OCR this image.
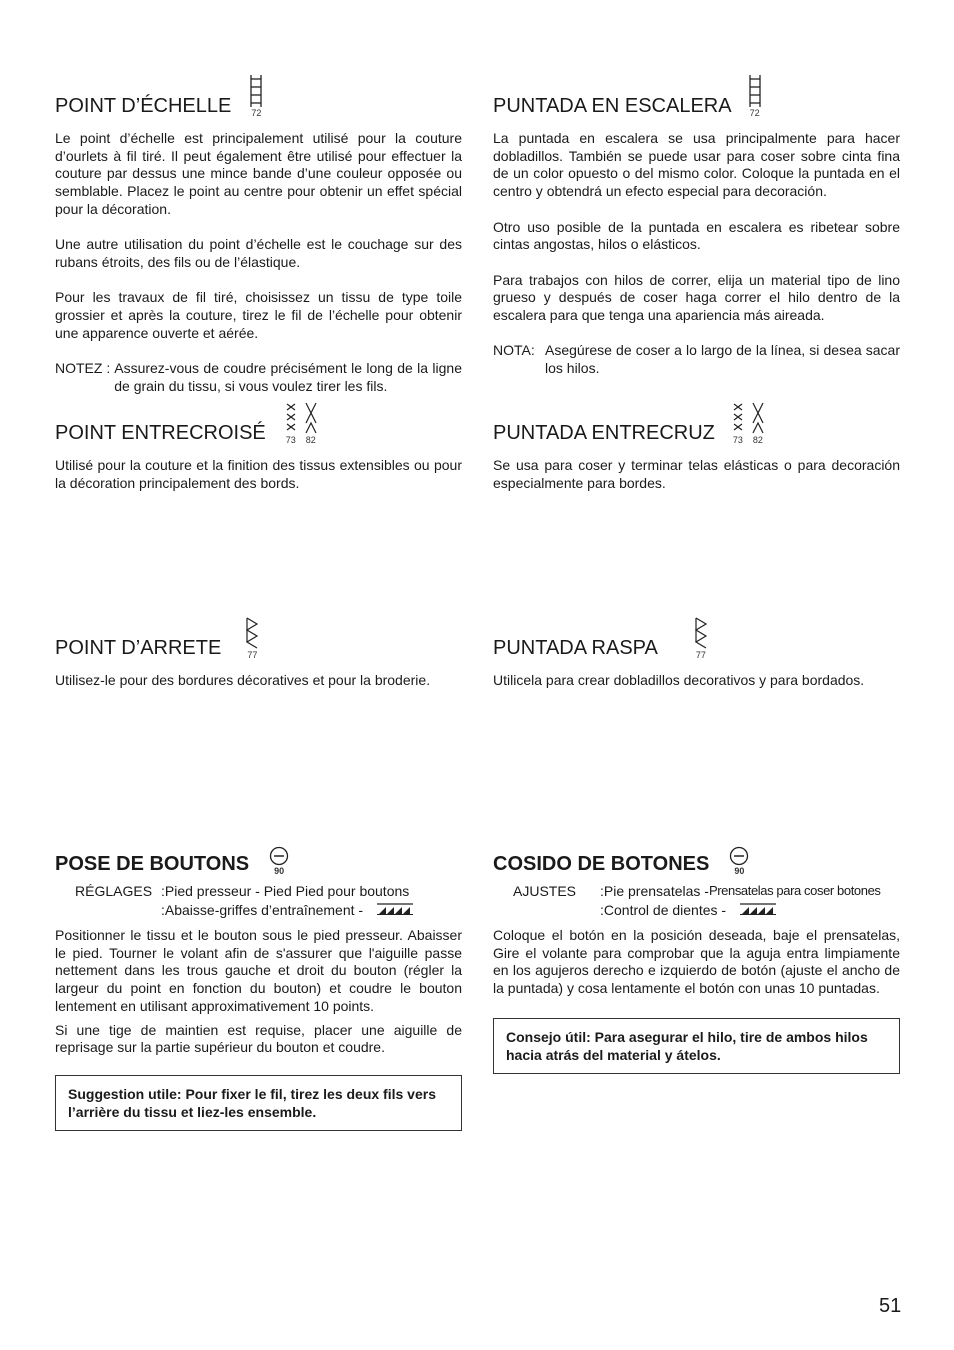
POINT D’ÉCHELLE 72

Le point d’échelle est principalement utilisé pour la couture d’ourlets à fil tiré. Il peut également être utilisé pour effectuer la couture par dessus une mince bande d’une couleur opposée ou semblable. Placez le point au centre pour obtenir un effet spécial pour la décoration.

Une autre utilisation du point d’échelle est le couchage sur des rubans étroits, des fils ou de l’élastique.

Pour les travaux de fil tiré, choisissez un tissu de type toile grossier et après la couture, tirez le fil de l’échelle pour obtenir une apparence ouverte et aérée.

NOTEZ : Assurez-vous de coudre précisément le long de la ligne de grain du tissu, si vous voulez tirer les fils.
POINT ENTRECROISÉ 73 82

Utilisé pour la couture et la finition des tissus extensibles ou pour la décoration principalement des bords.

POINT D’ARRETE	77

Utilisez-le pour des bordures décoratives et pour la broderie.

POSE DE BOUTONS	90
RÉGLAGES :Pied presseur - Pied Pied pour boutons
:Abaisse-griffes d’entraînement -

Positionner le tissu et le bouton sous le pied presseur. Abaisser le pied. Tourner le volant afin de s'assurer que l'aiguille passe nettement dans les trous gauche et droit du bouton (régler la largeur du point en fonction du bouton) et coudre le bouton lentement en utilisant approximativement 10 points.

Si une tige de maintien est requise, placer une aiguille de reprisage sur la partie supérieur du bouton et coudre.

Suggestion utile: Pour fixer le fil, tirez les deux fils vers l’arrière du tissu et liez-les ensemble.
PUNTADA EN ESCALERA 72

La puntada en escalera se usa principalmente para hacer dobladillos. También se puede usar para coser sobre cinta fina de un color opuesto o del mismo color. Coloque la puntada en el centro y obtendrá un efecto especial para decoración.

Otro uso posible de la puntada en escalera es ribetear sobre cintas angostas, hilos o elásticos.

Para trabajos con hilos de correr, elija un material tipo de lino grueso y después de coser haga correr el hilo dentro de la escalera para que tenga una apariencia más aireada.

NOTA: Asegúrese de coser a lo largo de la línea, si desea sacar los hilos.
PUNTADA ENTRECRUZ 73 82

Se usa para coser y terminar telas elásticas o para decoración especialmente para bordes.

PUNTADA RASPA	77

Utilicela para crear dobladillos decorativos y para bordados.

COSIDO DE BOTONES	90
AJUSTES	:Pie prensatelas - Prensatelas para coser botones
:Control de dientes -

Coloque el botón en la posición deseada, baje el prensatelas, Gire el volante para comprobar que la aguja entra limpiamente en los agujeros derecho e izquierdo de botón (ajuste el ancho de la puntada) y cosa lentamente el botón con unas 10 puntadas.

Consejo útil: Para asegurar el hilo, tire de ambos hilos hacia atrás del material y átelos.
51
